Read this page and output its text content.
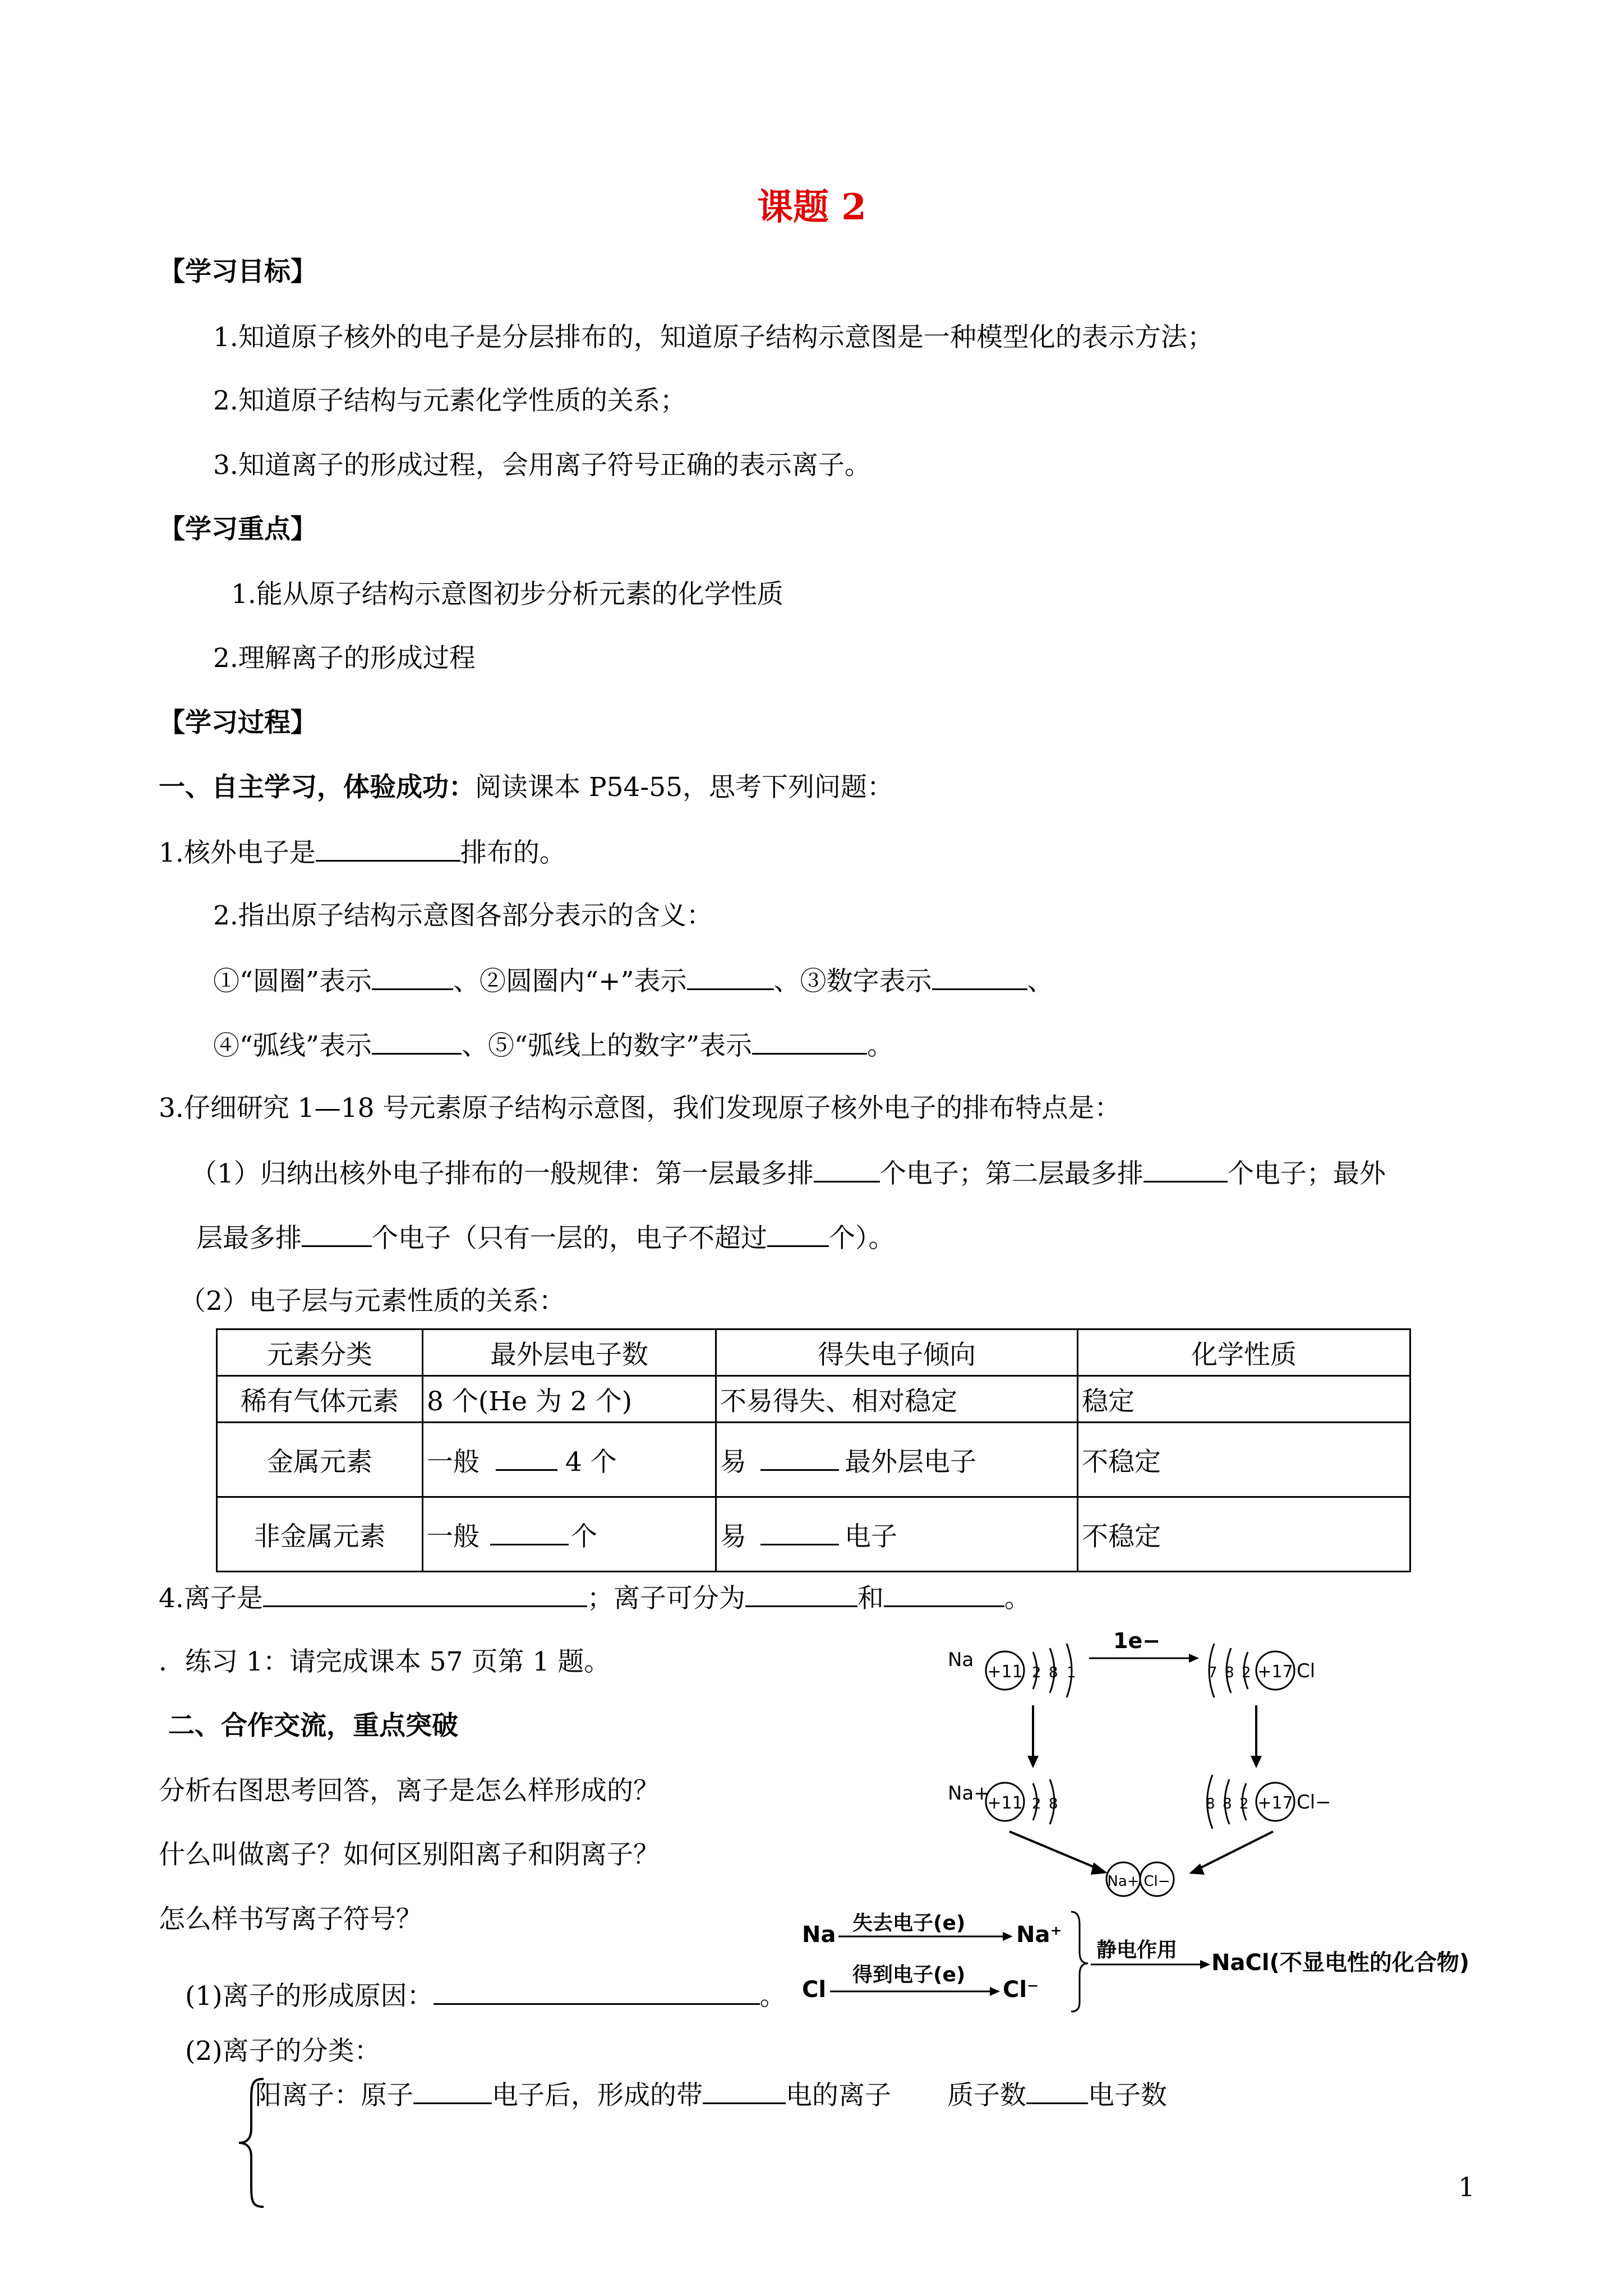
课题 2
【学习目标】
1.知道原子核外的电子是分层排布的，知道原子结构示意图是一种模型化的表示方法；
2.知道原子结构与元素化学性质的关系；
3.知道离子的形成过程，会用离子符号正确的表示离子。
【学习重点】
1.能从原子结构示意图初步分析元素的化学性质
2.理解离子的形成过程
【学习过程】
一、自主学习，体验成功：阅读课本 P54-55，思考下列问题：
1.核外电子是	排布的。
2.指出原子结构示意图各部分表示的含义：
①“圆圈”表示	、②圆圈内“+”表示	、③数字表示	、
④“弧线”表示	、⑤“弧线上的数字”表示	。
3.仔细研究 1—18 号元素原子结构示意图，我们发现原子核外电子的排布特点是：
（1）归纳出核外电子排布的一般规律：第一层最多排	个电子；第二层最多排	个电子；最外
层最多排	个电子（只有一层的，电子不超过 个）。
（2）电子层与元素性质的关系：
元素分类	最外层电子数	得失电子倾向	化学性质
稀有气体元素	8 个(He 为 2 个)	不易得失、相对稳定	稳定
金属元素	一般 4 个	易 最外层电子	不稳定
非金属元素	一般 个	易 电子	不稳定
4.离子是	；离子可分为	和	。
．练习 1：请完成课本 57 页第 1 题。
二、合作交流，重点突破
分析右图思考回答，离子是怎么样形成的？
什么叫做离子？如何区别阳离子和阴离子？
怎么样书写离子符号？
(1)离子的形成原因：	。
(2)离子的分类：
阳离子：原子	电子后，形成的带	电的离子 质子数 电子数
Na
+11 2 8 1
1e−
7 8 2 +17 Cl
Na+
+11 2 8	8 8 2 +17 Cl−
Na+ Cl−
Na 失去电子(e) Na⁺
Cl
得到电子(e)
Cl⁻
静电作用 NaCl(不显电性的化合物)
1
